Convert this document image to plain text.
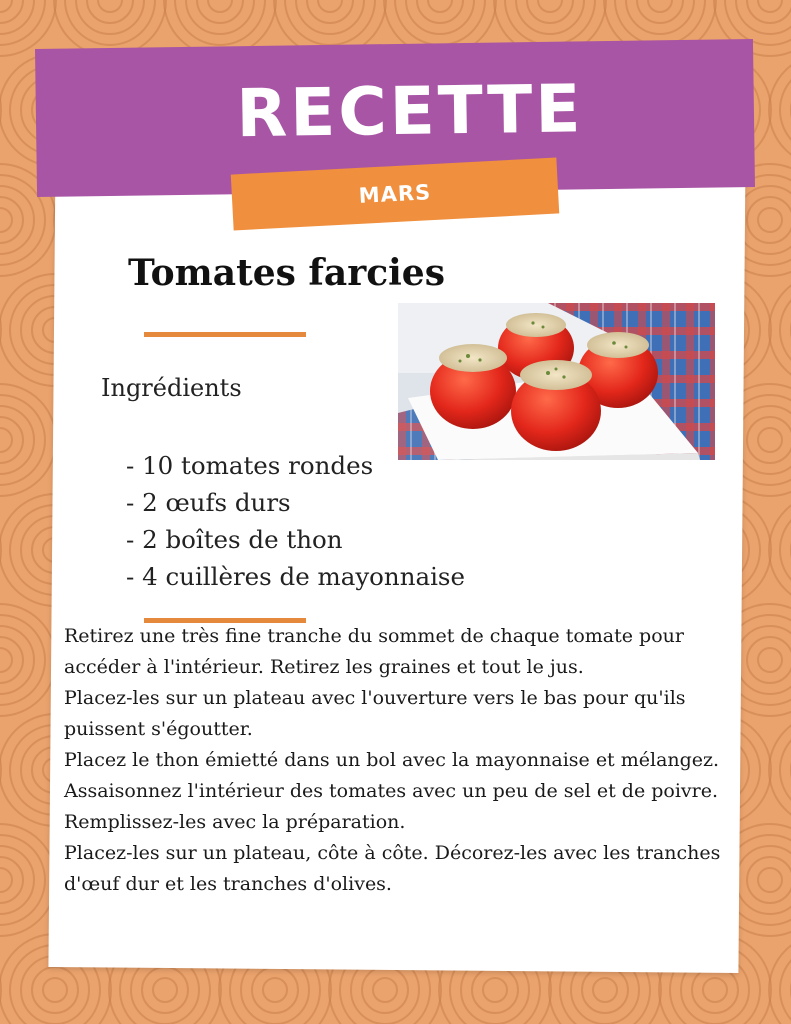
RECETTE
MARS
Tomates farcies
Ingrédients
- 10 tomates rondes
- 2 œufs durs
- 2 boîtes de thon
- 4 cuillères de mayonnaise

Retirez une très fine tranche du sommet de chaque tomate pour accéder à l'intérieur. Retirez les graines et tout le jus.

Placez-les sur un plateau avec l'ouverture vers le bas pour qu'ils puissent s'égoutter.

Placez le thon émietté dans un bol avec la mayonnaise et mélangez.

Assaisonnez l'intérieur des tomates avec un peu de sel et de poivre.

Remplissez-les avec la préparation.

Placez-les sur un plateau, côte à côte. Décorez-les avec les tranches d'œuf dur et les tranches d'olives.
